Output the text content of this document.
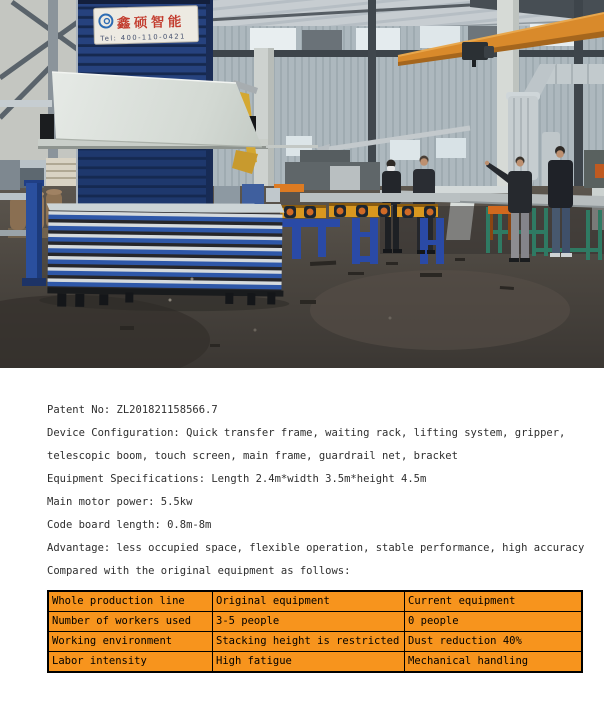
鑫硕智能
Tel: 400-110-0421

Patent No: ZL201821158566.7

Device Configuration: Quick transfer frame, waiting rack, lifting system, gripper,

telescopic boom, touch screen, main frame, guardrail net, bracket

Equipment Specifications: Length 2.4m*width 3.5m*height 4.5m

Main motor power: 5.5kw

Code board length: 0.8m-8m

Advantage: less occupied space, flexible operation, stable performance, high accuracy

Compared with the original equipment as follows:

Whole production line	Original equipment	Current equipment
Number of workers used	3-5 people	0 people
Working environment	Stacking height is restricted	Dust reduction 40%
Labor intensity	High fatigue	Mechanical handling
